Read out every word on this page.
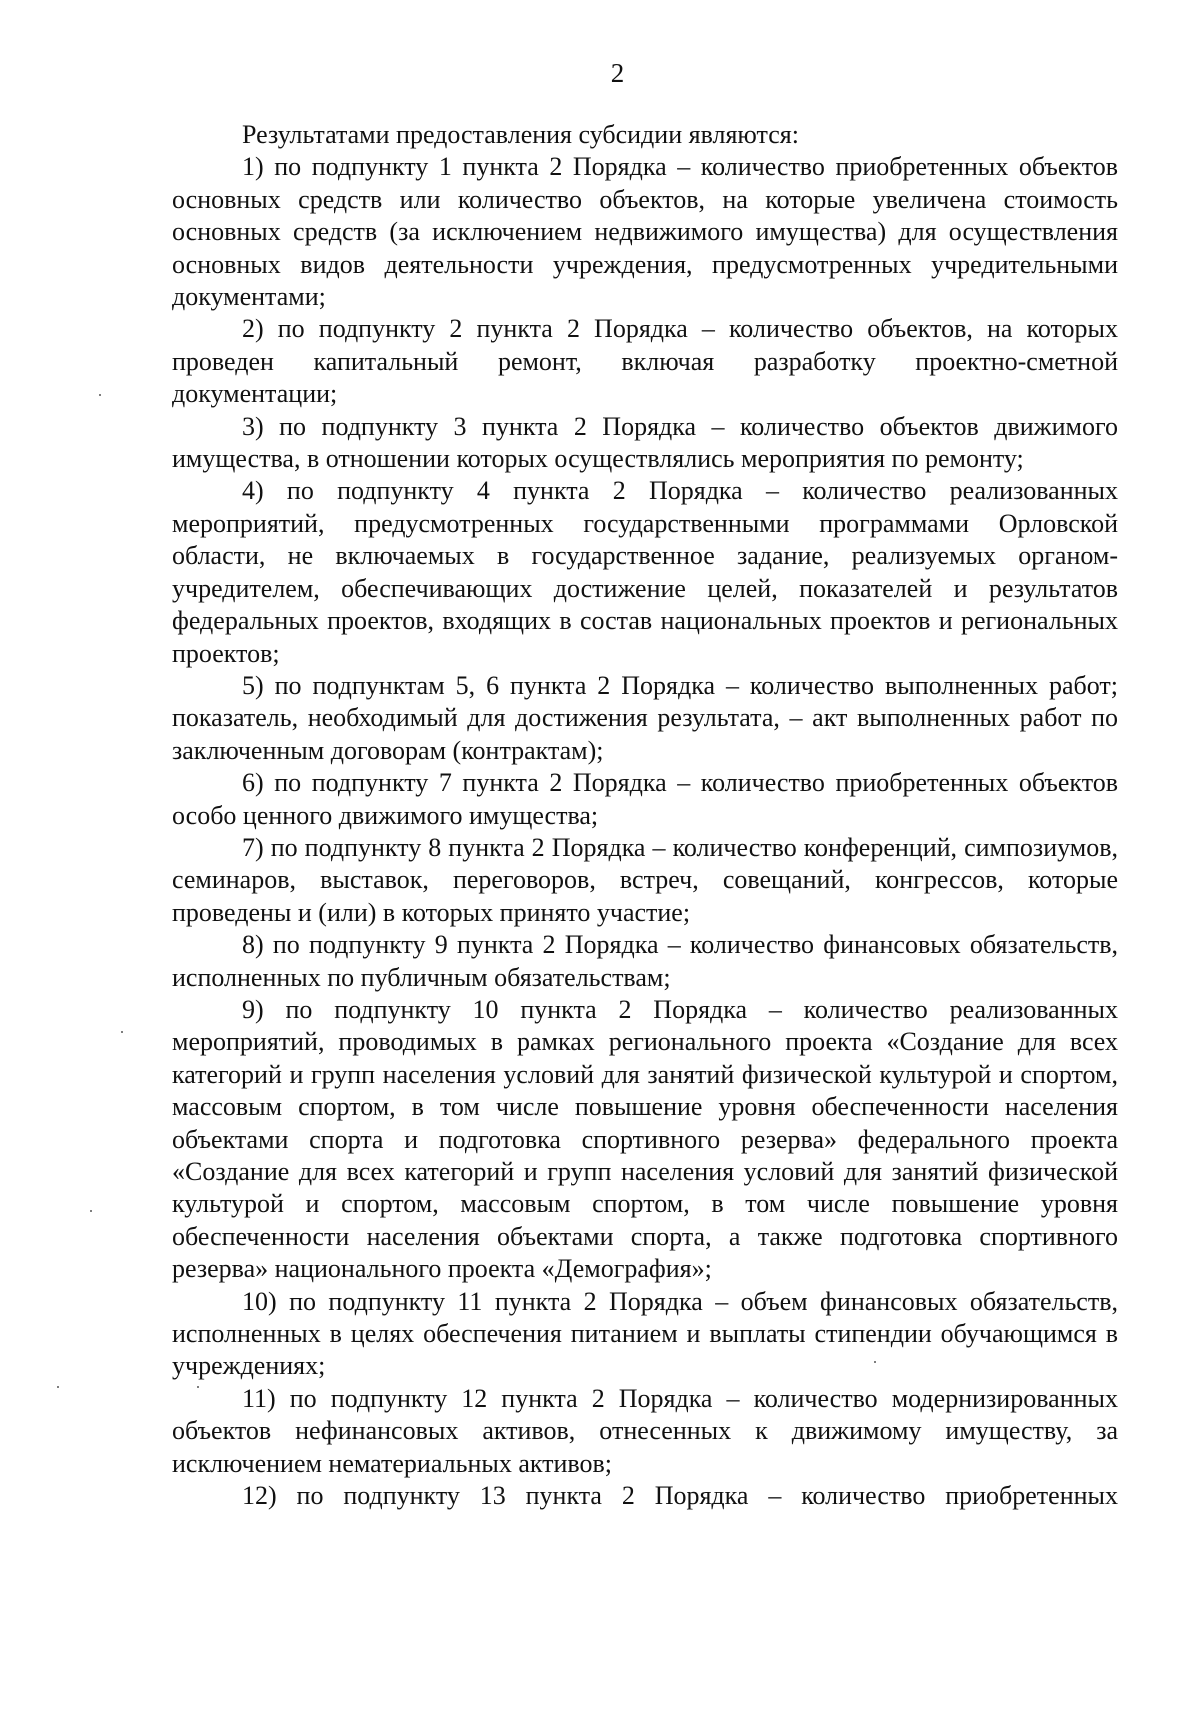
2

Результатами предоставления субсидии являются:

1) по подпункту 1 пункта 2 Порядка – количество приобретенных объектов основных средств или количество объектов, на которые увеличена стоимость основных средств (за исключением недвижимого имущества) для осуществления основных видов деятельности учреждения, предусмотренных учредительными документами;

2) по подпункту 2 пункта 2 Порядка – количество объектов, на которых проведен капитальный ремонт, включая разработку проектно-сметной документации;

3) по подпункту 3 пункта 2 Порядка – количество объектов движимого имущества, в отношении которых осуществлялись мероприятия по ремонту;

4) по подпункту 4 пункта 2 Порядка – количество реализованных мероприятий, предусмотренных государственными программами Орловской области, не включаемых в государственное задание, реализуемых органом-учредителем, обеспечивающих достижение целей, показателей и результатов федеральных проектов, входящих в состав национальных проектов и региональных проектов;

5) по подпунктам 5, 6 пункта 2 Порядка – количество выполненных работ; показатель, необходимый для достижения результата, – акт выполненных работ по заключенным договорам (контрактам);

6) по подпункту 7 пункта 2 Порядка – количество приобретенных объектов особо ценного движимого имущества;

7) по подпункту 8 пункта 2 Порядка – количество конференций, симпозиумов, семинаров, выставок, переговоров, встреч, совещаний, конгрессов, которые проведены и (или) в которых принято участие;

8) по подпункту 9 пункта 2 Порядка – количество финансовых обязательств, исполненных по публичным обязательствам;

9) по подпункту 10 пункта 2 Порядка – количество реализованных мероприятий, проводимых в рамках регионального проекта «Создание для всех категорий и групп населения условий для занятий физической культурой и спортом, массовым спортом, в том числе повышение уровня обеспеченности населения объектами спорта и подготовка спортивного резерва» федерального проекта «Создание для всех категорий и групп населения условий для занятий физической культурой и спортом, массовым спортом, в том числе повышение уровня обеспеченности населения объектами спорта, а также подготовка спортивного резерва» национального проекта «Демография»;

10) по подпункту 11 пункта 2 Порядка – объем финансовых обязательств, исполненных в целях обеспечения питанием и выплаты стипендии обучающимся в учреждениях;

11) по подпункту 12 пункта 2 Порядка – количество модернизированных объектов нефинансовых активов, отнесенных к движимому имуществу, за исключением нематериальных активов;

12) по подпункту 13 пункта 2 Порядка – количество приобретенных
